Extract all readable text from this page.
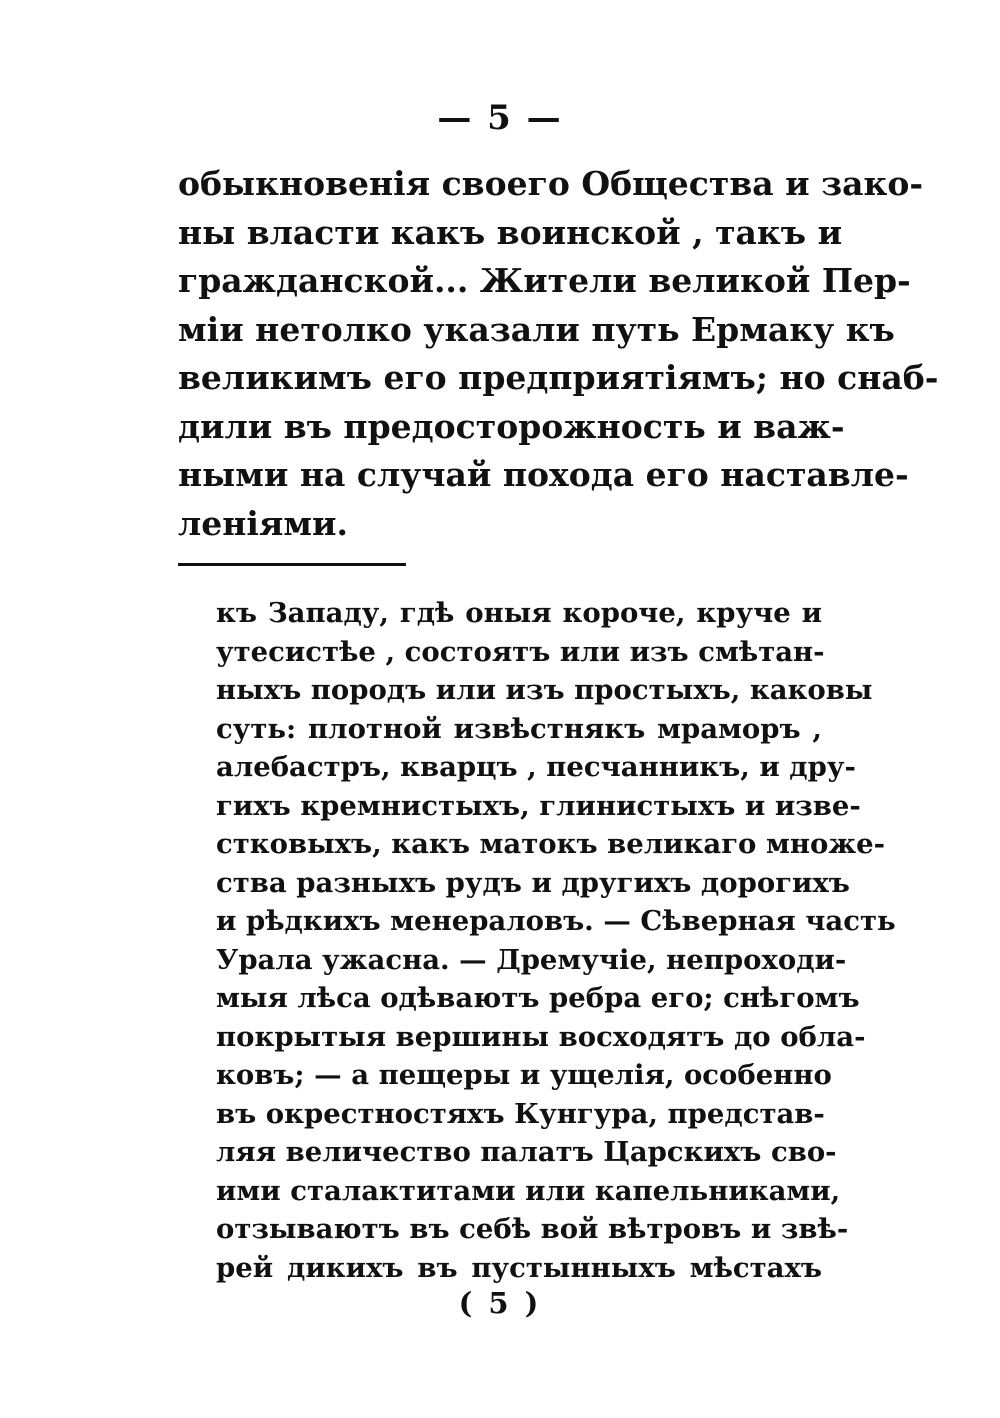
— 5 —
обыкновенія своего Общества и зако-
ны власти какъ воинской , такъ и
гражданской... Жители великой Пер-
міи нетолко указали путь Ермаку къ
великимъ его предприятіямъ; но снаб-
дили въ предосторожность и важ-
ными на случай похода его наставле-
леніями.
къ Западу, гдѣ оныя короче, круче и
утесистѣе , состоятъ или изъ смѣтан-
ныхъ породъ или изъ простыхъ, каковы
суть: плотной извѣстнякъ мраморъ ,
алебастръ, кварцъ , песчанникъ, и дру-
гихъ кремнистыхъ, глинистыхъ и изве-
стковыхъ, какъ матокъ великаго множе-
ства разныхъ рудъ и другихъ дорогихъ
и рѣдкихъ менераловъ. — Сѣверная часть
Урала ужасна. — Дремучіе, непроходи-
мыя лѣса одѣваютъ ребра его; снѣгомъ
покрытыя вершины восходятъ до обла-
ковъ; — а пещеры и ущелія, особенно
въ окрестностяхъ Кунгура, представ-
ляя величество палатъ Царскихъ сво-
ими сталактитами или капельниками,
отзываютъ въ себѣ вой вѣтровъ и звѣ-
рей дикихъ въ пустынныхъ мѣстахъ
( 5 )
